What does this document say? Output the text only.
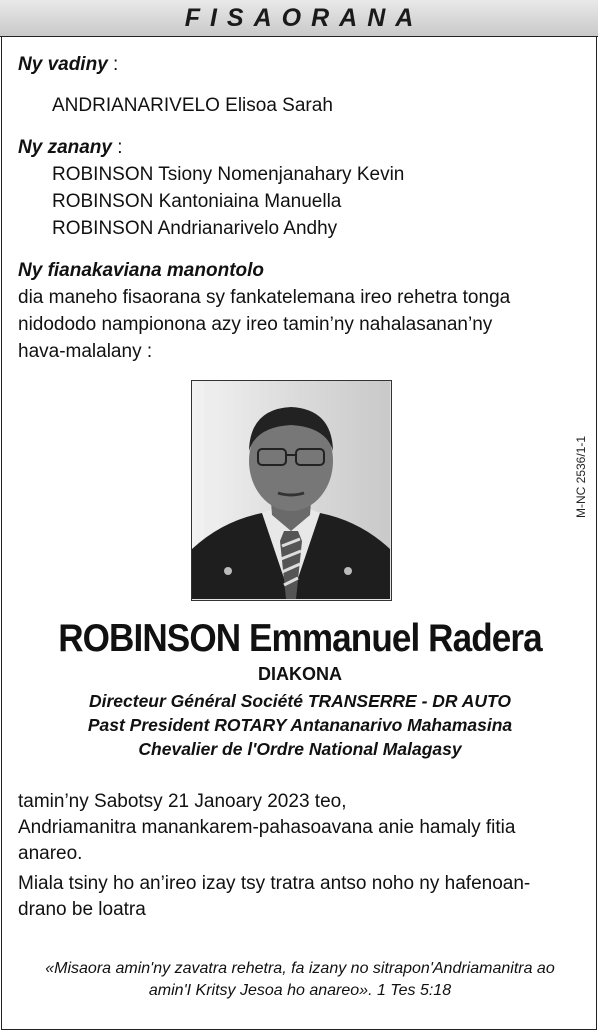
FISAORANA
Ny vadiny :
ANDRIANARIVELO Elisoa Sarah
Ny zanany :
ROBINSON Tsiony Nomenjanahary Kevin
ROBINSON Kantoniaina Manuella
ROBINSON Andrianarivelo Andhy
Ny fianakaviana manontolo
dia maneho fisaorana sy fankatelemana ireo rehetra tonga
nidododo nampionona azy ireo tamin’ny nahalasanan’ny
hava-malalany :
M-NC 2536/1-1
ROBINSON Emmanuel Radera
DIAKONA
Directeur Général Société TRANSERRE - DR AUTO
Past President ROTARY Antananarivo Mahamasina
Chevalier de l'Ordre National Malagasy
tamin’ny Sabotsy 21 Janoary 2023 teo,
Andriamanitra manankarem-pahasoavana anie hamaly fitia
anareo.
Miala tsiny ho an’ireo izay tsy tratra antso noho ny hafenoan-
drano be loatra
«Misaora amin'ny zavatra rehetra, fa izany no sitrapon'Andriamanitra ao
amin'I Kritsy Jesoa ho anareo». 1 Tes 5:18
